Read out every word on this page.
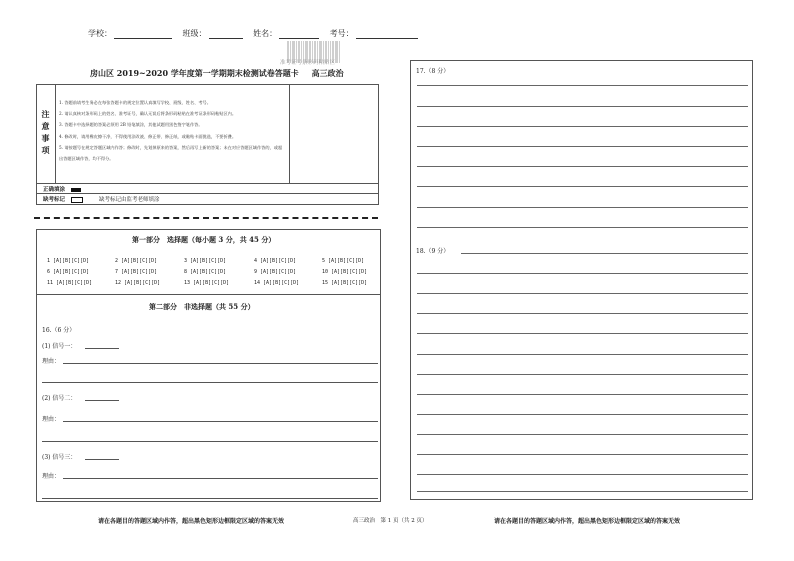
学校：	班级：	姓名：	考号：
房山区 2019~2020 学年度第一学期期末检测试卷答题卡 高三政治
注意事项
1. 答题前请考生务必在每张答题卡的规定位置认真填写学校、班级、姓名、考号。
2. 请认真核对条形码上的姓名、准考证号，确认无误后将条形码粘贴在准考证条形码粘贴区内。
3. 答题卡中选择题的答案必须用 2B 铅笔填涂，其他试题用黑色签字笔作答。
4. 修改时，请用橡皮擦干净，不得使用涂改液、修正带、修正纸，或黏贴卡面挑选，不要折叠。
5. 请按题号在规定答题区域内作答；修改时，先划掉原来的答案，然后再写上新的答案；未在对应答题区域作答的，或超出答题区域作答，均不得分。
正确填涂
缺考标记	缺考标记由监考老师填涂
准考证号条形码粘贴区
第一部分　选择题（每小题 3 分，共 45 分）
1 [A][B][C][D]	2 [A][B][C][D]	3 [A][B][C][D]	4 [A][B][C][D]	5 [A][B][C][D]
6 [A][B][C][D]	7 [A][B][C][D]	8 [A][B][C][D]	9 [A][B][C][D]	10 [A][B][C][D]
11 [A][B][C][D]	12 [A][B][C][D]	13 [A][B][C][D]	14 [A][B][C][D]	15 [A][B][C][D]
第二部分　非选择题（共 55 分）
16.（6 分）
(1) 信号一：
理由：
(2) 信号二：
理由：
(3) 信号三：
理由：
17.（8 分）
18.（9 分）
请在各题目的答题区域内作答，超出黑色矩形边框限定区域的答案无效	高三政治　第 1 页（共 2 页）	请在各题目的答题区域内作答，超出黑色矩形边框限定区域的答案无效
